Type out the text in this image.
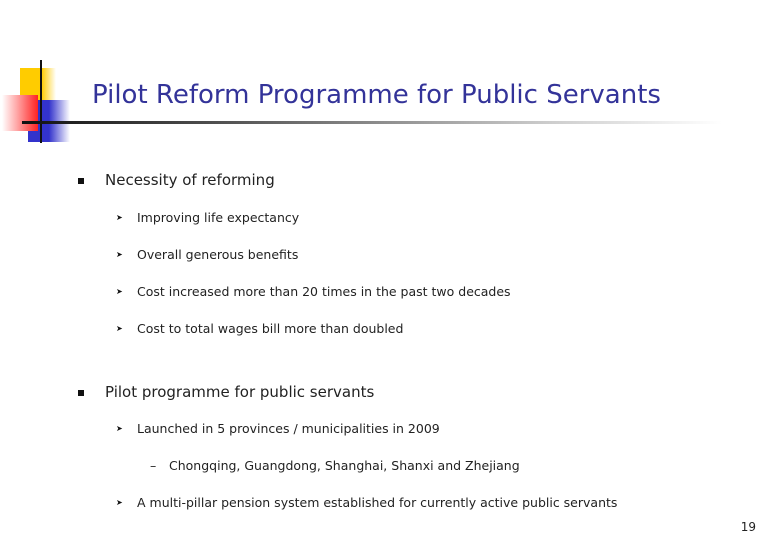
Pilot Reform Programme for Public Servants
Necessity of reforming
➤ Improving life expectancy
➤ Overall generous benefits
➤ Cost increased more than 20 times in the past two decades
➤ Cost to total wages bill more than doubled
Pilot programme for public servants
➤ Launched in 5 provinces / municipalities in 2009
– Chongqing, Guangdong, Shanghai, Shanxi and Zhejiang
➤ A multi-pillar pension system established for currently active public servants
19
